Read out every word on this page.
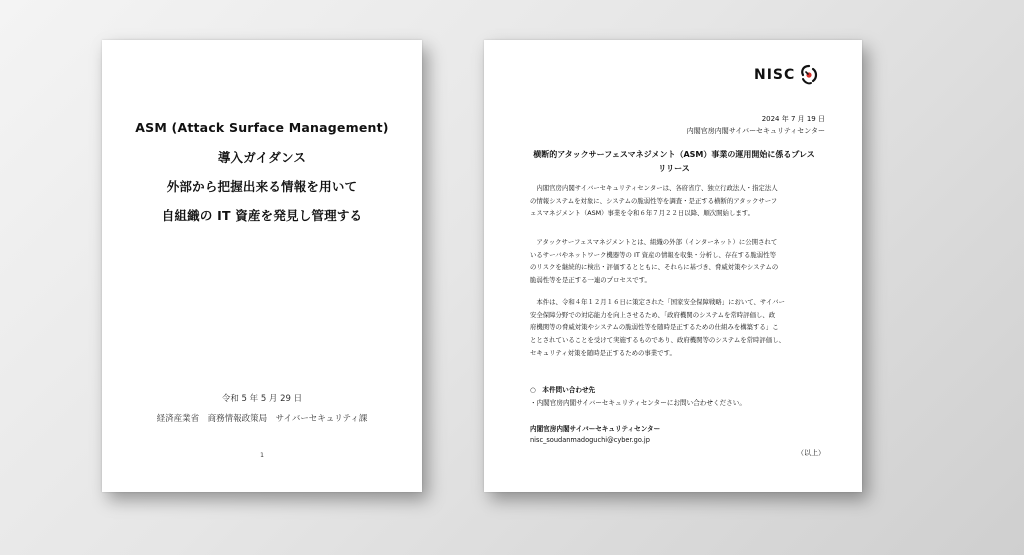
ASM (Attack Surface Management)
導入ガイダンス
外部から把握出来る情報を用いて
自組織の IT 資産を発見し管理する
令和 5 年 5 月 29 日
経済産業省　商務情報政策局　サイバーセキュリティ課
1
NISC
2024 年 7 月 19 日
内閣官房内閣サイバーセキュリティセンター
横断的アタックサーフェスマネジメント（ASM）事業の運用開始に係るプレス
リリース

　内閣官房内閣サイバーセキュリティセンターは、各府省庁、独立行政法人・指定法人

の情報システムを対象に、システムの脆弱性等を調査・是正する横断的アタックサーフ

ェスマネジメント（ASM）事業を令和６年７月２２日以降、順次開始します。

　アタックサーフェスマネジメントとは、組織の外部（インターネット）に公開されて

いるサーバやネットワーク機器等の IT 資産の情報を収集・分析し、存在する脆弱性等

のリスクを継続的に検出・評価するとともに、それらに基づき、脅威対策やシステムの

脆弱性等を是正する一連のプロセスです。

　本件は、令和４年１２月１６日に策定された「国家安全保障戦略」において、サイバー

安全保障分野での対応能力を向上させるため、「政府機関のシステムを常時評価し、政

府機関等の脅威対策やシステムの脆弱性等を随時是正するための仕組みを構築する」こ

ととされていることを受けて実施するものであり、政府機関等のシステムを常時評価し、

セキュリティ対策を随時是正するための事業です。

○　本件問い合わせ先
・内閣官房内閣サイバーセキュリティセンターにお問い合わせください。
内閣官房内閣サイバーセキュリティセンター
nisc_soudanmadoguchi@cyber.go.jp
（以上）
